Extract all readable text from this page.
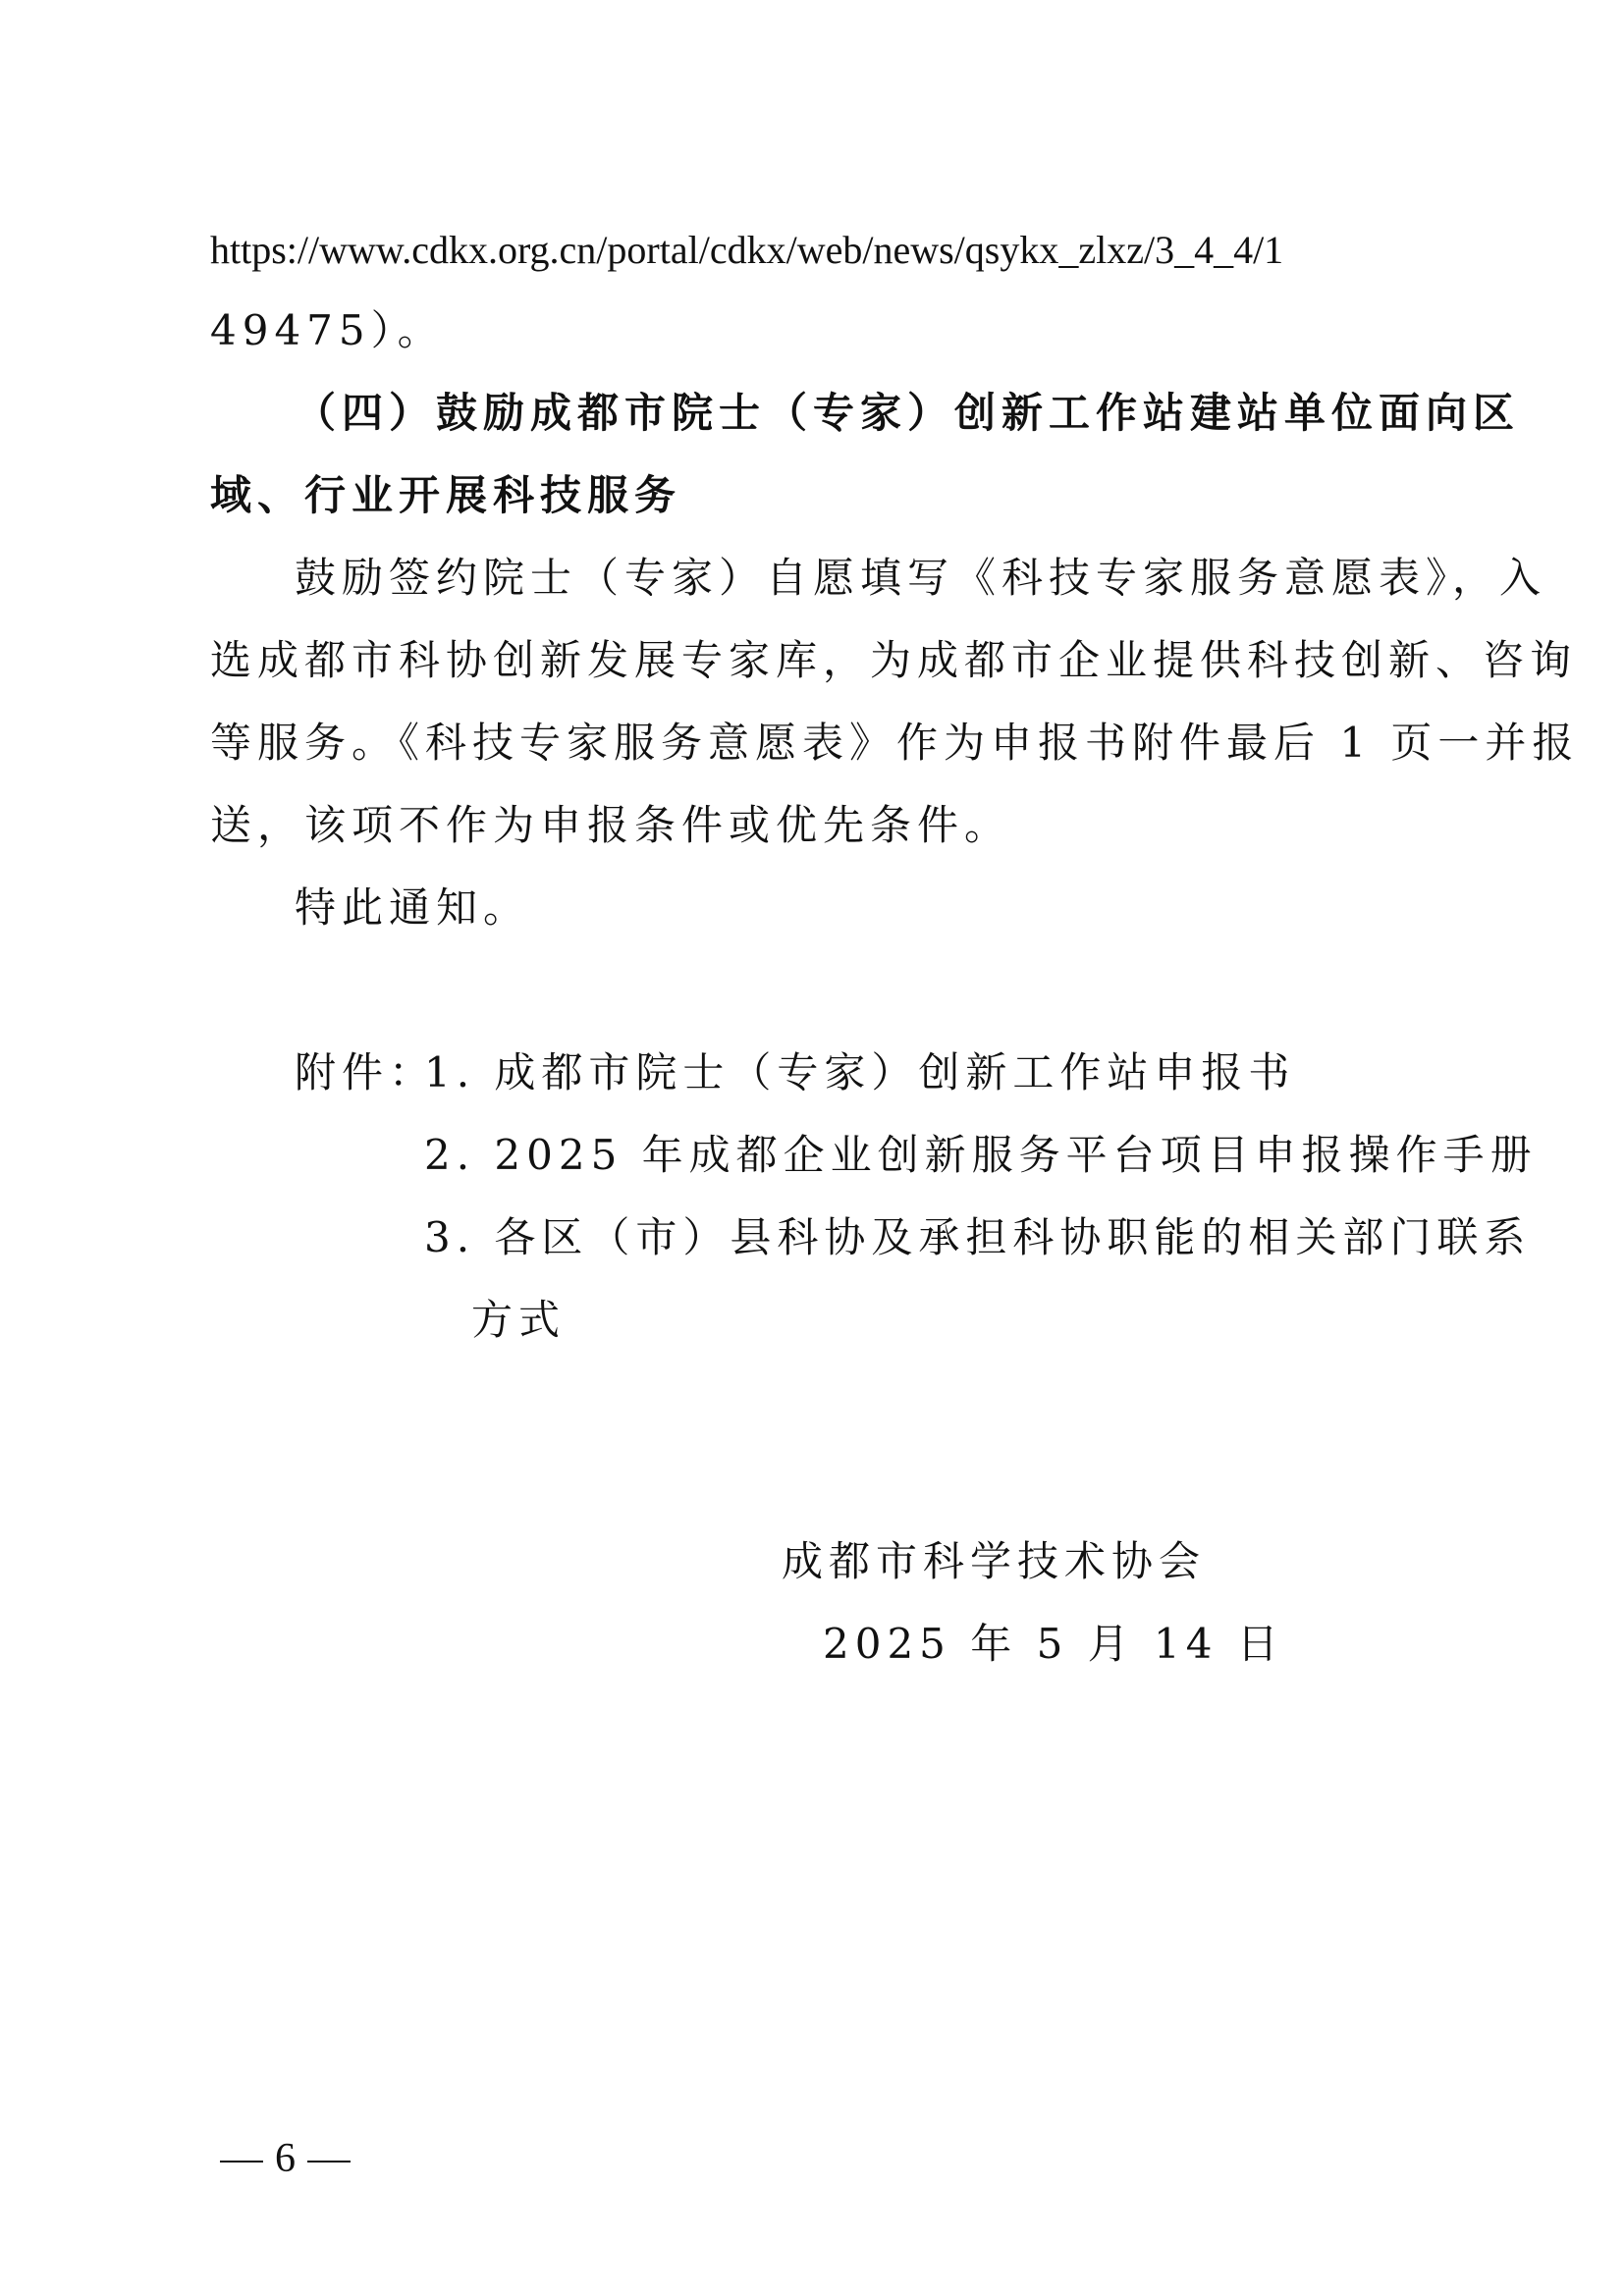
https://www.cdkx.org.cn/portal/cdkx/web/news/qsykx_zlxz/3_4_4/1
49475）。
（四）鼓励成都市院士（专家）创新工作站建站单位面向区
域、行业开展科技服务
鼓励签约院士（专家）自愿填写《科技专家服务意愿表》，入
选成都市科协创新发展专家库，为成都市企业提供科技创新、咨询
等服务。《科技专家服务意愿表》作为申报书附件最后 1 页一并报
送，该项不作为申报条件或优先条件。
特此通知。
附件：
1. 成都市院士（专家）创新工作站申报书
2. 2025 年成都企业创新服务平台项目申报操作手册
3. 各区（市）县科协及承担科协职能的相关部门联系
方式
成都市科学技术协会
2025 年 5 月 14 日
6
